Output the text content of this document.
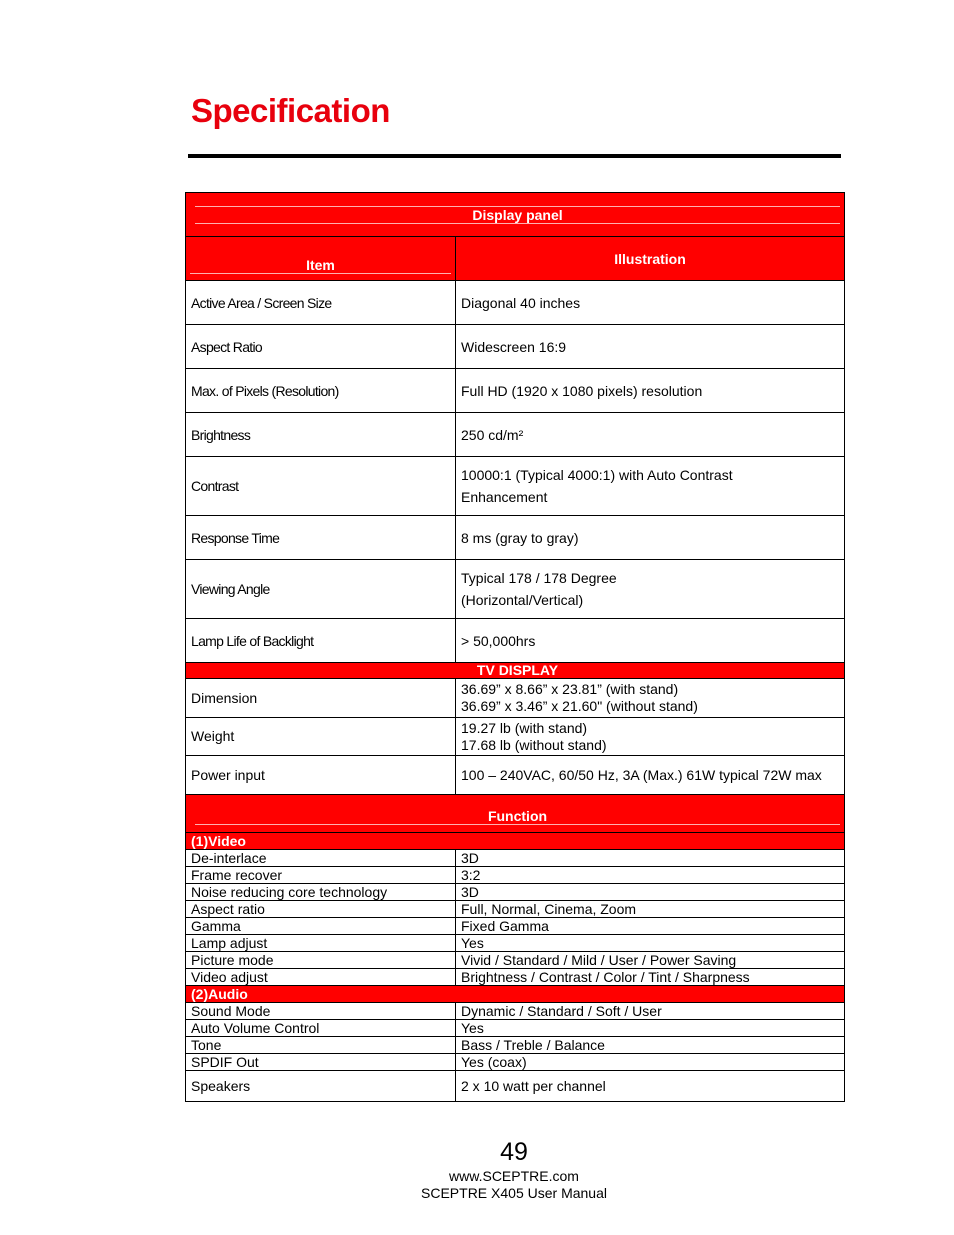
Specification
Display panel	

Item	Illustration
Active Area / Screen Size	Diagonal 40 inches
Aspect Ratio	Widescreen 16:9
Max. of Pixels (Resolution)	Full HD (1920 x 1080 pixels) resolution
Brightness	250 cd/m²
Contrast	10000:1 (Typical 4000:1) with Auto Contrast
Enhancement

Response Time	8 ms (gray to gray)
Viewing Angle	Typical 178 / 178 Degree
(Horizontal/Vertical)

Lamp Life of Backlight	> 50,000hrs
TV DISPLAY	
Dimension	36.69” x 8.66” x 23.81” (with stand)
36.69” x 3.46” x 21.60" (without stand)

Weight	19.27 lb (with stand)
17.68 lb (without stand)

Power input	100 – 240VAC, 60/50 Hz, 3A (Max.) 61W typical 72W max

Function	

(1)Video	
De-interlace	3D
Frame recover	3:2
Noise reducing core technology	3D
Aspect ratio	Full, Normal, Cinema, Zoom
Gamma	Fixed Gamma
Lamp adjust	Yes
Picture mode	Vivid / Standard / Mild / User / Power Saving
Video adjust	Brightness / Contrast / Color / Tint / Sharpness
(2)Audio	
Sound Mode	Dynamic / Standard / Soft / User
Auto Volume Control	Yes
Tone	Bass / Treble / Balance
SPDIF Out	Yes (coax)
Speakers	2 x 10 watt per channel
49
www.SCEPTRE.com
SCEPTRE X405 User Manual
